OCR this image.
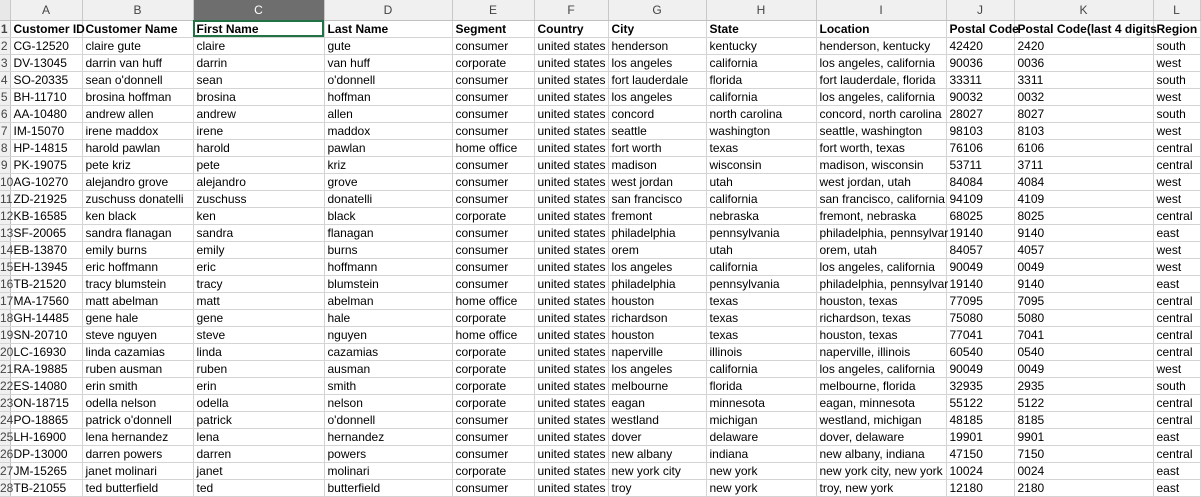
	A	B	C	D	E	F	G	H	I	J	K	L
1	Customer ID	Customer Name	First Name	Last Name	Segment	Country	City	State	Location	Postal Code	Postal Code(last 4 digits	Region
2	CG-12520	claire gute	claire	gute	consumer	united states	henderson	kentucky	henderson, kentucky	42420	2420	south
3	DV-13045	darrin van huff	darrin	van huff	corporate	united states	los angeles	california	los angeles, california	90036	0036	west
4	SO-20335	sean o'donnell	sean	o'donnell	consumer	united states	fort lauderdale	florida	fort lauderdale, florida	33311	3311	south
5	BH-11710	brosina hoffman	brosina	hoffman	consumer	united states	los angeles	california	los angeles, california	90032	0032	west
6	AA-10480	andrew allen	andrew	allen	consumer	united states	concord	north carolina	concord, north carolina	28027	8027	south
7	IM-15070	irene maddox	irene	maddox	consumer	united states	seattle	washington	seattle, washington	98103	8103	west
8	HP-14815	harold pawlan	harold	pawlan	home office	united states	fort worth	texas	fort worth, texas	76106	6106	central
9	PK-19075	pete kriz	pete	kriz	consumer	united states	madison	wisconsin	madison, wisconsin	53711	3711	central
10	AG-10270	alejandro grove	alejandro	grove	consumer	united states	west jordan	utah	west jordan, utah	84084	4084	west
11	ZD-21925	zuschuss donatelli	zuschuss	donatelli	consumer	united states	san francisco	california	san francisco, california	94109	4109	west
12	KB-16585	ken black	ken	black	corporate	united states	fremont	nebraska	fremont, nebraska	68025	8025	central
13	SF-20065	sandra flanagan	sandra	flanagan	consumer	united states	philadelphia	pennsylvania	philadelphia, pennsylvar	19140	9140	east
14	EB-13870	emily burns	emily	burns	consumer	united states	orem	utah	orem, utah	84057	4057	west
15	EH-13945	eric hoffmann	eric	hoffmann	consumer	united states	los angeles	california	los angeles, california	90049	0049	west
16	TB-21520	tracy blumstein	tracy	blumstein	consumer	united states	philadelphia	pennsylvania	philadelphia, pennsylvar	19140	9140	east
17	MA-17560	matt abelman	matt	abelman	home office	united states	houston	texas	houston, texas	77095	7095	central
18	GH-14485	gene hale	gene	hale	corporate	united states	richardson	texas	richardson, texas	75080	5080	central
19	SN-20710	steve nguyen	steve	nguyen	home office	united states	houston	texas	houston, texas	77041	7041	central
20	LC-16930	linda cazamias	linda	cazamias	corporate	united states	naperville	illinois	naperville, illinois	60540	0540	central
21	RA-19885	ruben ausman	ruben	ausman	corporate	united states	los angeles	california	los angeles, california	90049	0049	west
22	ES-14080	erin smith	erin	smith	corporate	united states	melbourne	florida	melbourne, florida	32935	2935	south
23	ON-18715	odella nelson	odella	nelson	corporate	united states	eagan	minnesota	eagan, minnesota	55122	5122	central
24	PO-18865	patrick o'donnell	patrick	o'donnell	consumer	united states	westland	michigan	westland, michigan	48185	8185	central
25	LH-16900	lena hernandez	lena	hernandez	consumer	united states	dover	delaware	dover, delaware	19901	9901	east
26	DP-13000	darren powers	darren	powers	consumer	united states	new albany	indiana	new albany, indiana	47150	7150	central
27	JM-15265	janet molinari	janet	molinari	corporate	united states	new york city	new york	new york city, new york	10024	0024	east
28	TB-21055	ted butterfield	ted	butterfield	consumer	united states	troy	new york	troy, new york	12180	2180	east
